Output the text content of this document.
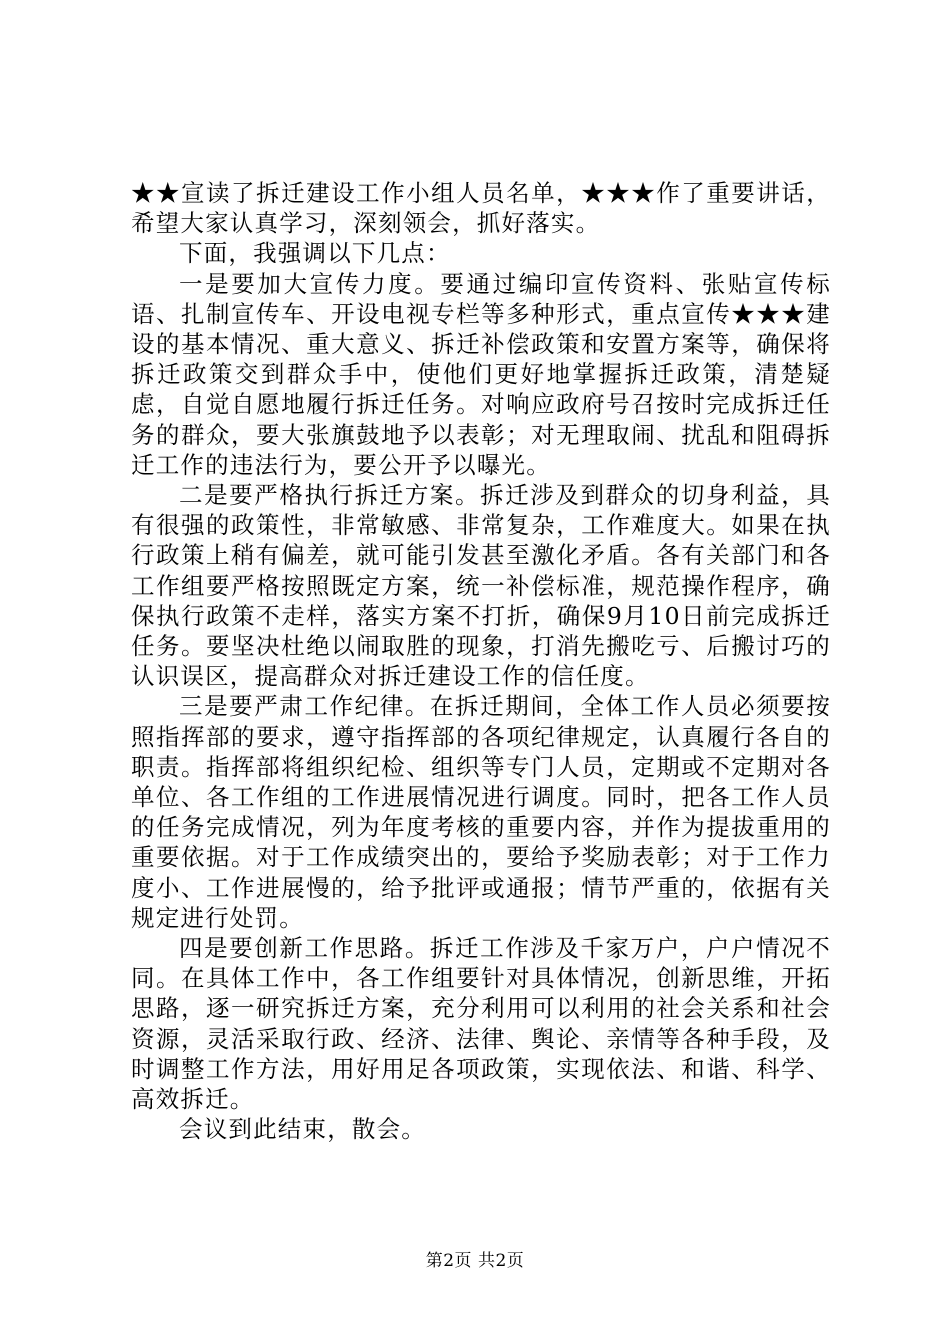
★★宣读了拆迁建设工作小组人员名单，★★★作了重要讲话，希望大家认真学习，深刻领会，抓好落实。

下面，我强调以下几点：

一是要加大宣传力度。要通过编印宣传资料、张贴宣传标语、扎制宣传车、开设电视专栏等多种形式，重点宣传★★★建设的基本情况、重大意义、拆迁补偿政策和安置方案等，确保将拆迁政策交到群众手中，使他们更好地掌握拆迁政策，清楚疑虑，自觉自愿地履行拆迁任务。对响应政府号召按时完成拆迁任务的群众，要大张旗鼓地予以表彰；对无理取闹、扰乱和阻碍拆迁工作的违法行为，要公开予以曝光。

二是要严格执行拆迁方案。拆迁涉及到群众的切身利益，具有很强的政策性，非常敏感、非常复杂，工作难度大。如果在执行政策上稍有偏差，就可能引发甚至激化矛盾。各有关部门和各工作组要严格按照既定方案，统一补偿标准，规范操作程序，确保执行政策不走样，落实方案不打折，确保9月10日前完成拆迁任务。要坚决杜绝以闹取胜的现象，打消先搬吃亏、后搬讨巧的认识误区，提高群众对拆迁建设工作的信任度。

三是要严肃工作纪律。在拆迁期间，全体工作人员必须要按照指挥部的要求，遵守指挥部的各项纪律规定，认真履行各自的职责。指挥部将组织纪检、组织等专门人员，定期或不定期对各单位、各工作组的工作进展情况进行调度。同时，把各工作人员的任务完成情况，列为年度考核的重要内容，并作为提拔重用的重要依据。对于工作成绩突出的，要给予奖励表彰；对于工作力度小、工作进展慢的，给予批评或通报；情节严重的，依据有关规定进行处罚。

四是要创新工作思路。拆迁工作涉及千家万户，户户情况不同。在具体工作中，各工作组要针对具体情况，创新思维，开拓思路，逐一研究拆迁方案，充分利用可以利用的社会关系和社会资源，灵活采取行政、经济、法律、舆论、亲情等各种手段，及时调整工作方法，用好用足各项政策，实现依法、和谐、科学、高效拆迁。

会议到此结束，散会。

第2页 共2页
